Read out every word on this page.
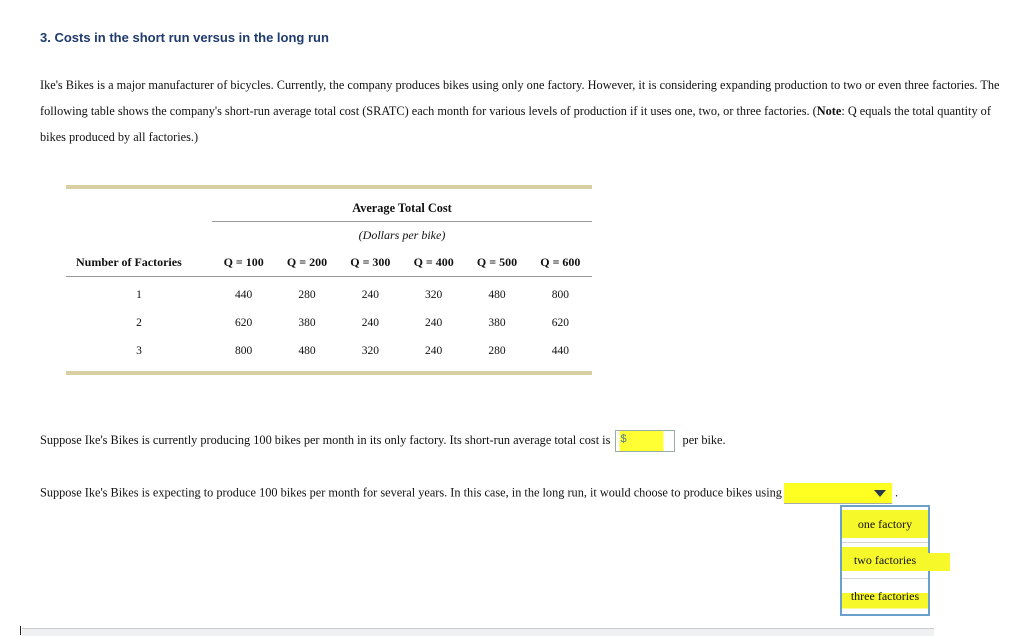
3. Costs in the short run versus in the long run

Ike's Bikes is a major manufacturer of bicycles. Currently, the company produces bikes using only one factory. However, it is considering expanding production to two or even three factories. The following table shows the company's short-run average total cost (SRATC) each month for various levels of production if it uses one, two, or three factories. (Note: Q equals the total quantity of bikes produced by all factories.)

	Average Total Cost					
	(Dollars per bike)					
Number of Factories	Q = 100	Q = 200	Q = 300	Q = 400	Q = 500	Q = 600
1	440	280	240	320	480	800
2	620	380	240	240	380	620
3	800	480	320	240	280	440
Suppose Ike's Bikes is currently producing 100 bikes per month in its only factory. Its short-run average total cost is $	per bike.
Suppose Ike's Bikes is expecting to produce 100 bikes per month for several years. In this case, in the long run, it would choose to produce bikes using	.
one factory
two factories
three factories
